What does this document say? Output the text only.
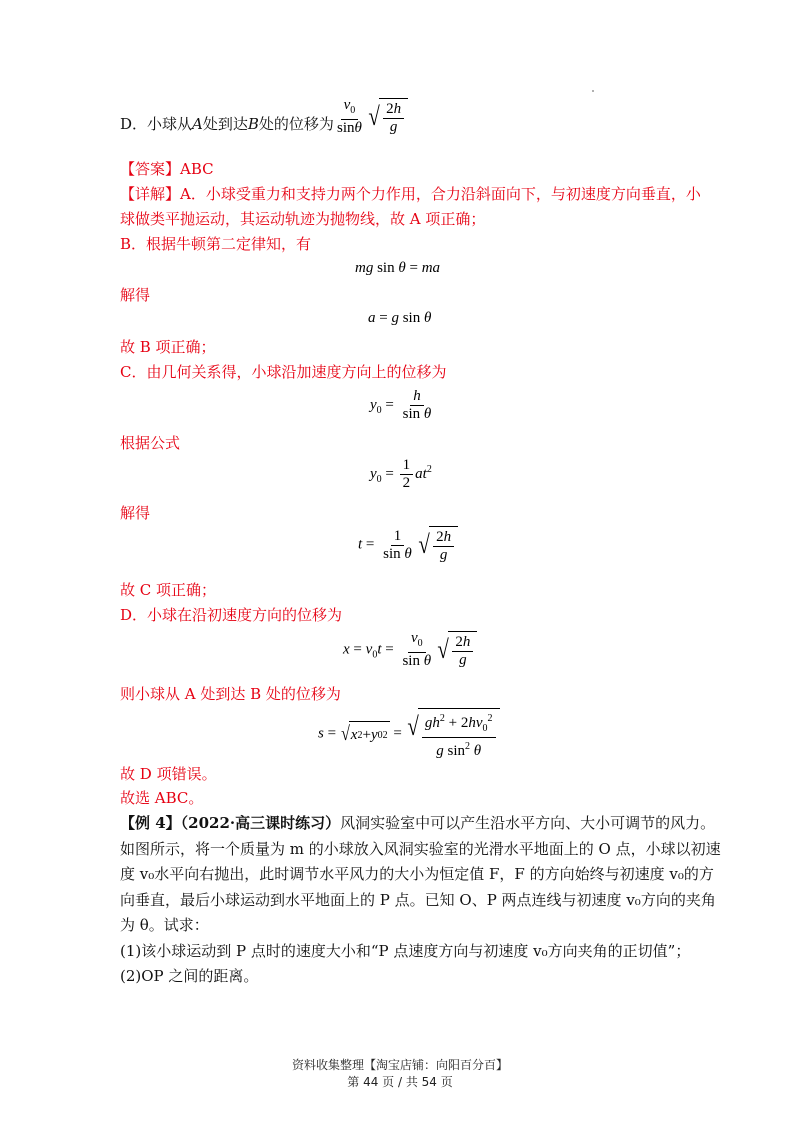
D．小球从A处到达B处的位移为 $\frac{v_0}{\sin\theta}$ √ $\frac{2h}{g}$
【答案】ABC
【详解】A．小球受重力和支持力两个力作用，合力沿斜面向下，与初速度方向垂直，小
球做类平抛运动，其运动轨迹为抛物线，故 A 项正确；
B．根据牛顿第二定律知，有
mg sin θ = ma
解得
a = g sin θ
故 B 项正确；
C．由几何关系得，小球沿加速度方向上的位移为
$y_0 = \frac{h}{\text{sin θ}}$
根据公式
$y_0 = \frac{1}{2} at^2$
解得
$t = \frac{1}{\text{sin θ}}$ √ $\frac{2h}{g}$
故 C 项正确；
D．小球在沿初速度方向的位移为
$x = v_0t = \frac{v_0}{\text{sin θ}}$ √ $\frac{2h}{g}$
则小球从 A 处到达 B 处的位移为
s = √ x 2 + y 0 2 = √ $\frac{gh^2 + 2hv_0^2}{g \sin^2 \theta}$
故 D 项错误。
故选 ABC。
【例 4】（2022·高三课时练习）风洞实验室中可以产生沿水平方向、大小可调节的风力。
如图所示，将一个质量为 m 的小球放入风洞实验室的光滑水平地面上的 O 点，小球以初速
度 v₀水平向右抛出，此时调节水平风力的大小为恒定值 F，F 的方向始终与初速度 v₀的方
向垂直，最后小球运动到水平地面上的 P 点。已知 O、P 两点连线与初速度 v₀方向的夹角
为 θ。试求：
(1)该小球运动到 P 点时的速度大小和“P 点速度方向与初速度 v₀方向夹角的正切值”；
(2)OP 之间的距离。
资料收集整理【淘宝店铺：向阳百分百】
第 44 页 / 共 54 页
